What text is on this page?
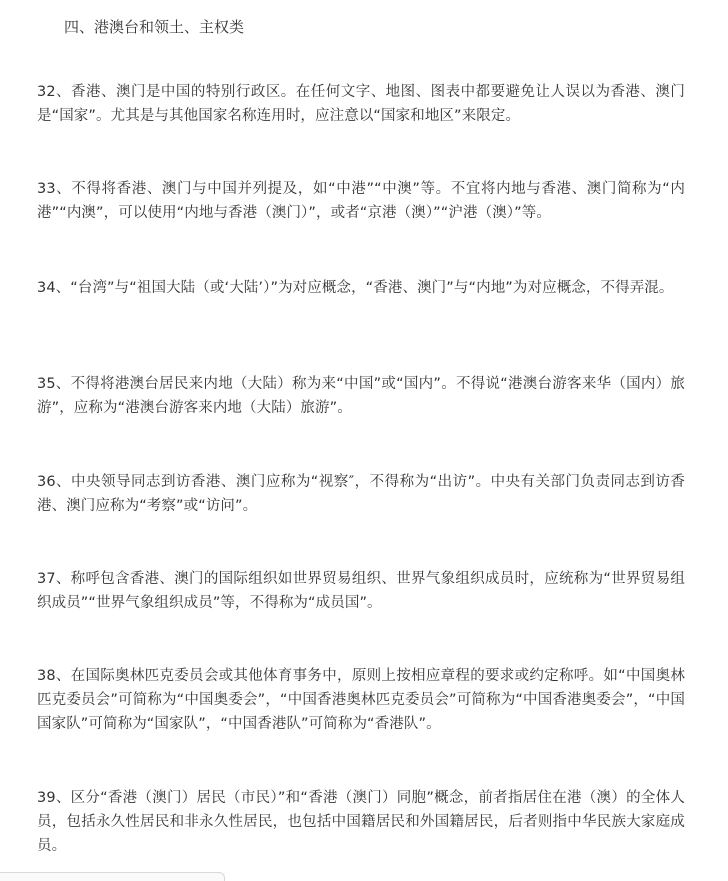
四、港澳台和领土、主权类

32、香港、澳门是中国的特别行政区。在任何文字、地图、图表中都要避免让人误以为香港、澳门是“国家”。尤其是与其他国家名称连用时，应注意以“国家和地区”来限定。

33、不得将香港、澳门与中国并列提及，如“中港”“中澳”等。不宜将内地与香港、澳门简称为“内港”“内澳”，可以使用“内地与香港（澳门）”，或者“京港（澳）”“沪港（澳）”等。

34、“台湾”与“祖国大陆（或‘大陆’）”为对应概念，“香港、澳门”与“内地”为对应概念，不得弄混。

35、不得将港澳台居民来内地（大陆）称为来“中国”或“国内”。不得说“港澳台游客来华（国内）旅游”，应称为“港澳台游客来内地（大陆）旅游”。

36、中央领导同志到访香港、澳门应称为“视察″，不得称为“出访”。中央有关部门负责同志到访香港、澳门应称为“考察”或“访问”。

37、称呼包含香港、澳门的国际组织如世界贸易组织、世界气象组织成员时，应统称为“世界贸易组织成员”“世界气象组织成员”等，不得称为“成员国”。

38、在国际奥林匹克委员会或其他体育事务中，原则上按相应章程的要求或约定称呼。如“中国奥林匹克委员会”可简称为“中国奥委会”，“中国香港奥林匹克委员会”可简称为“中国香港奥委会”，“中国国家队”可简称为“国家队”，“中国香港队”可简称为“香港队”。

39、区分“香港（澳门）居民（市民）”和“香港（澳门）同胞”概念，前者指居住在港（澳）的全体人员，包括永久性居民和非永久性居民，也包括中国籍居民和外国籍居民，后者则指中华民族大家庭成员。
